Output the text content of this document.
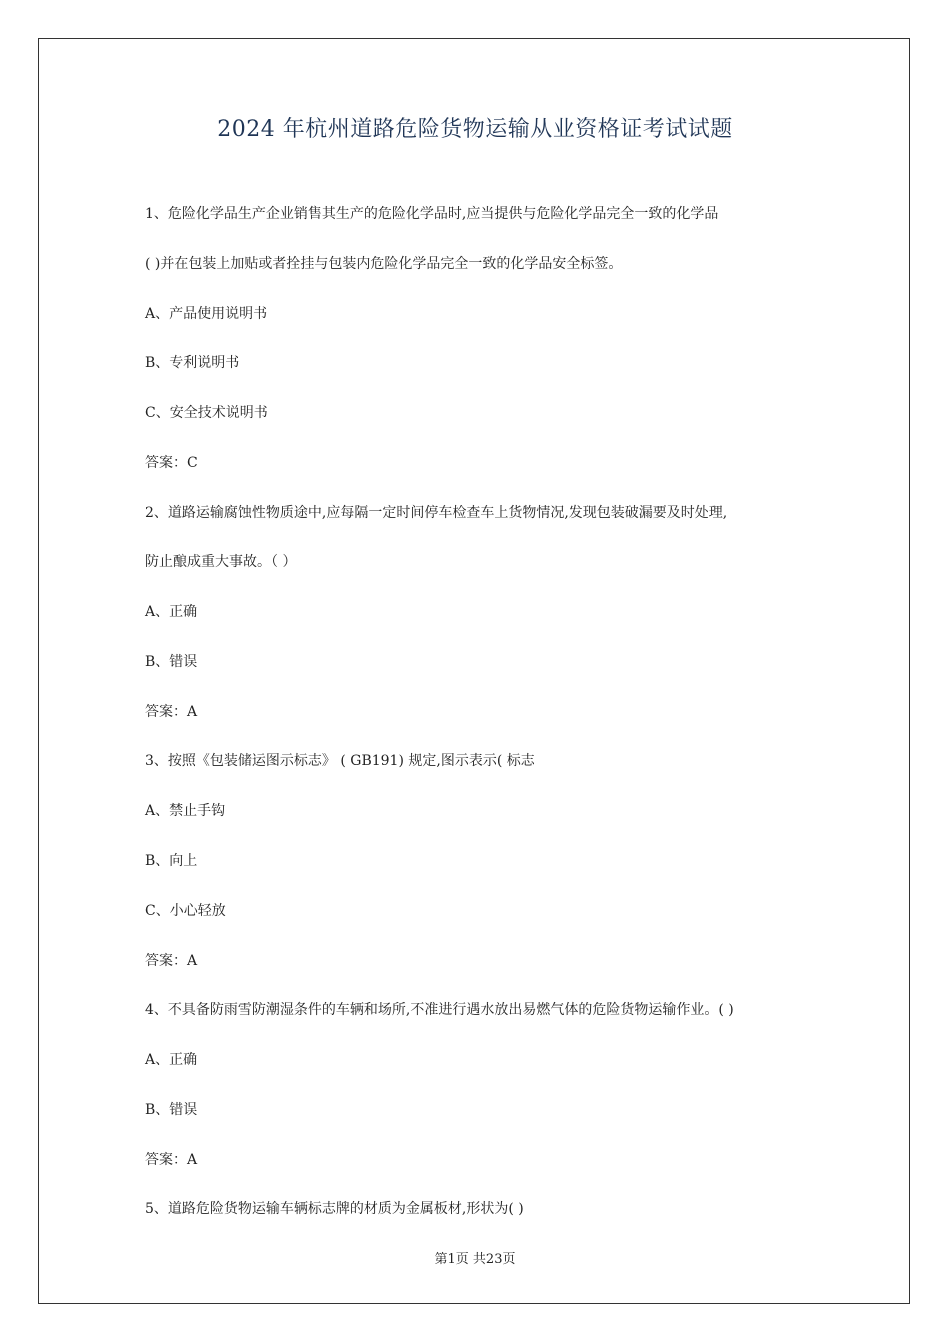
2024 年杭州道路危险货物运输从业资格证考试试题
1、危险化学品生产企业销售其生产的危险化学品时,应当提供与危险化学品完全一致的化学品
( )并在包装上加贴或者拴挂与包装内危险化学品完全一致的化学品安全标签。
A、产品使用说明书
B、专利说明书
C、安全技术说明书
答案：C
2、道路运输腐蚀性物质途中,应每隔一定时间停车检查车上货物情况,发现包装破漏要及时处理,
防止酿成重大事故。（ ）
A、正确
B、错误
答案：A
3、按照《包装储运图示标志》 ( GB191) 规定,图示表示( 标志
A、禁止手钩
B、向上
C、小心轻放
答案：A
4、不具备防雨雪防潮湿条件的车辆和场所,不准进行遇水放出易燃气体的危险货物运输作业。( )
A、正确
B、错误
答案：A
5、道路危险货物运输车辆标志牌的材质为金属板材,形状为( )
第1页 共23页
